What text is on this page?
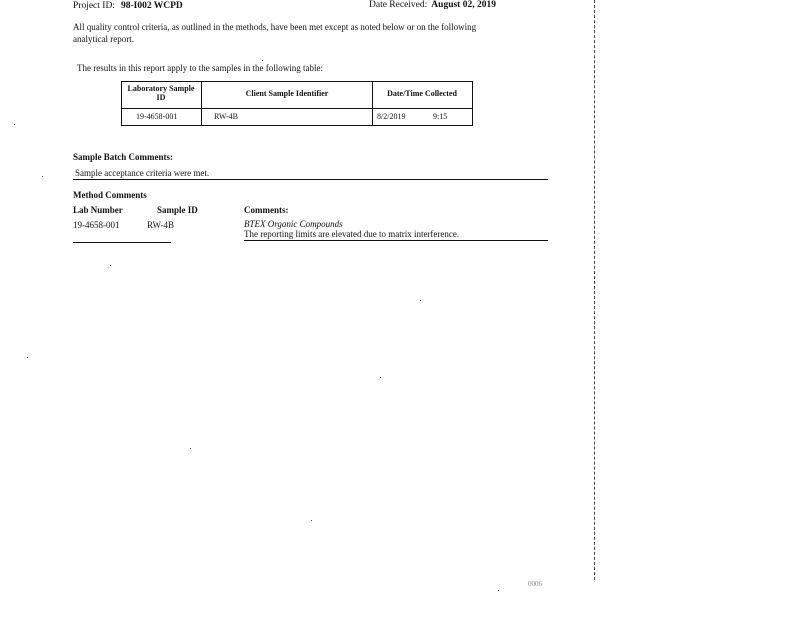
Project ID: 98-I002 WCPD	Date Received: August 02, 2019
All quality control criteria, as outlined in the methods, have been met except as noted below or on the following analytical report.
The results in this report apply to the samples in the following table:
Laboratory Sample ID	Client Sample Identifier	Date/Time Collected
19-4658-001	RW-4B	8/2/2019	9:15
Sample Batch Comments:
Sample acceptance criteria were met.
Method Comments
Lab Number	Sample ID	Comments:
19-4658-001	RW-4B	BTEX Organic Compounds
The reporting limits are elevated due to matrix interference.
0006
